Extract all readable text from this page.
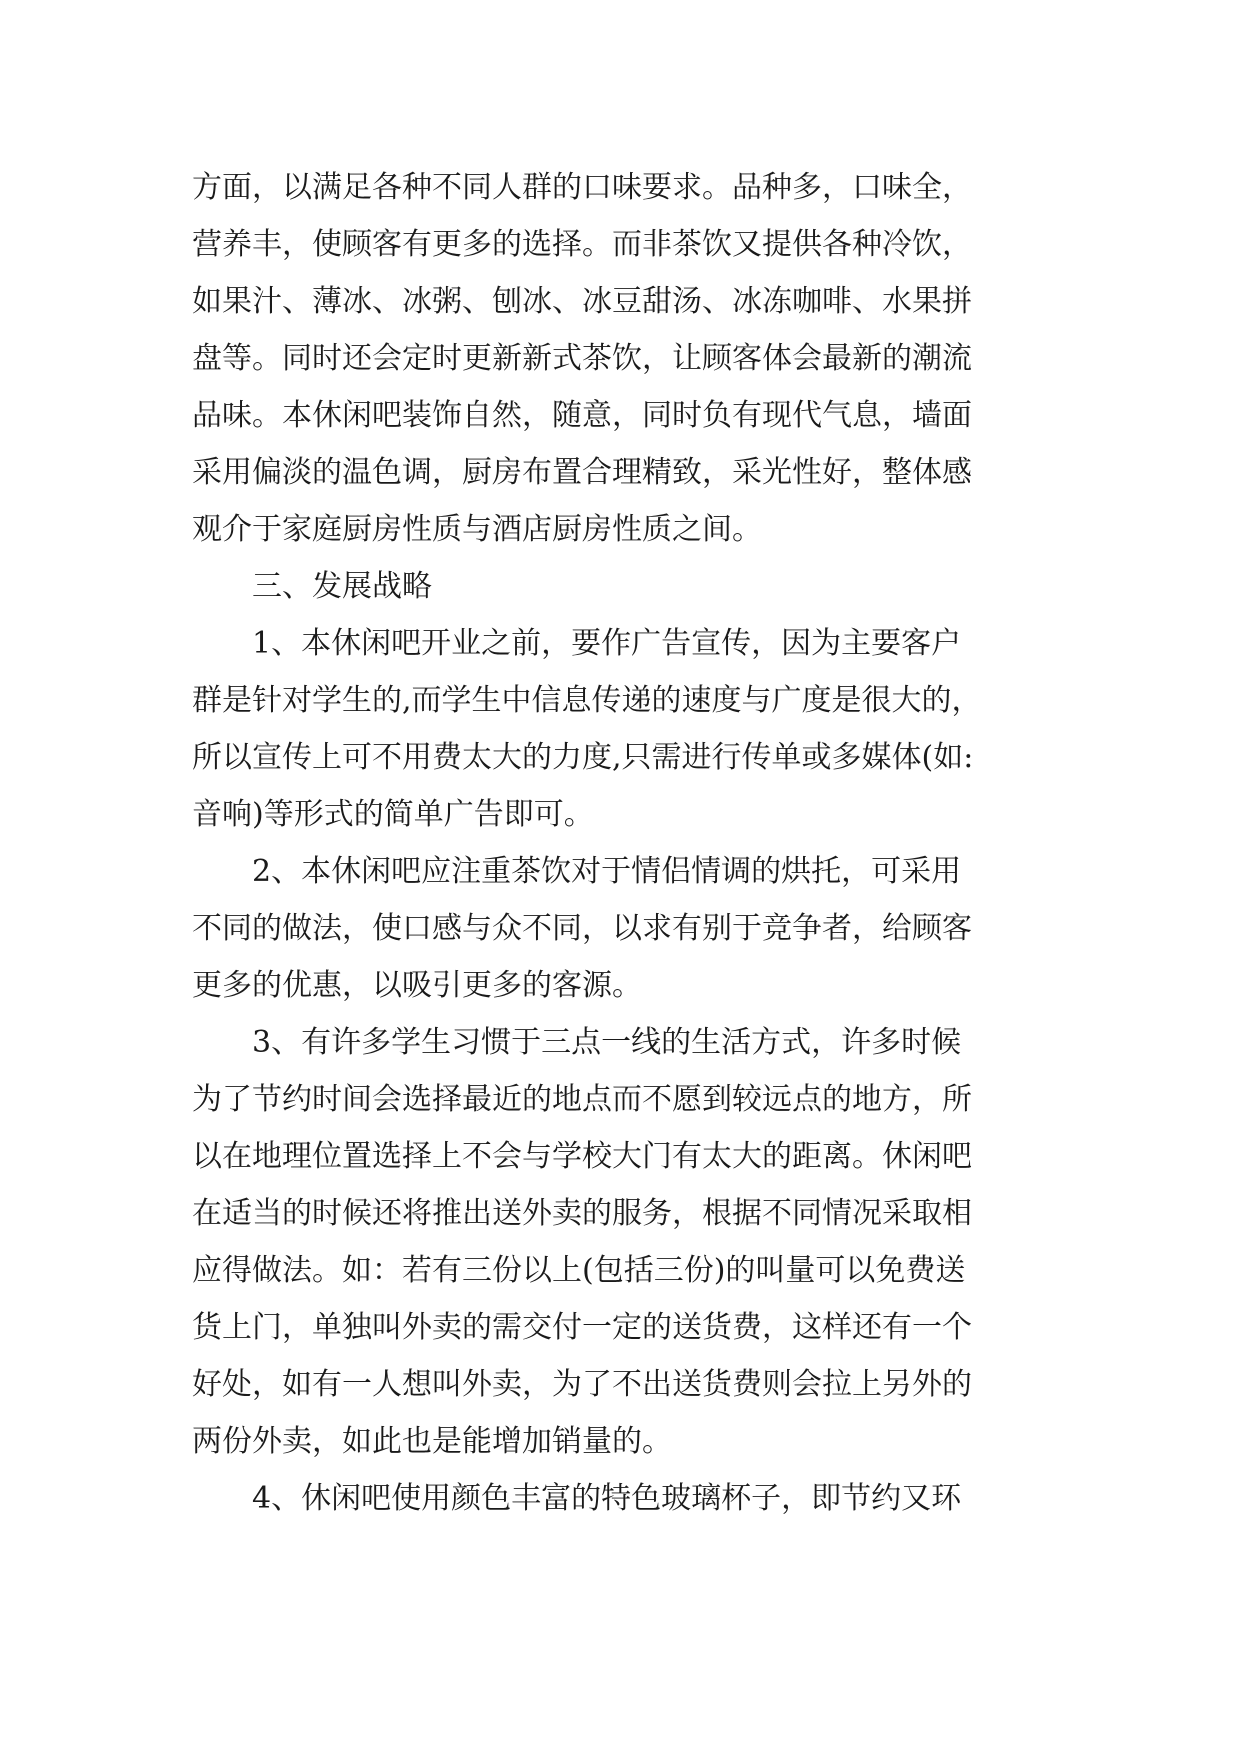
方面，以满足各种不同人群的口味要求。品种多，口味全，

营养丰，使顾客有更多的选择。而非茶饮又提供各种冷饮，

如果汁、薄冰、冰粥、刨冰、冰豆甜汤、冰冻咖啡、水果拼

盘等。同时还会定时更新新式茶饮，让顾客体会最新的潮流

品味。本休闲吧装饰自然，随意，同时负有现代气息，墙面

采用偏淡的温色调，厨房布置合理精致，采光性好，整体感

观介于家庭厨房性质与酒店厨房性质之间。

三、发展战略

1、本休闲吧开业之前，要作广告宣传，因为主要客户

群是针对学生的,而学生中信息传递的速度与广度是很大的，

所以宣传上可不用费太大的力度,只需进行传单或多媒体(如:

音响)等形式的简单广告即可。

2、本休闲吧应注重茶饮对于情侣情调的烘托，可采用

不同的做法，使口感与众不同，以求有别于竞争者，给顾客

更多的优惠，以吸引更多的客源。

3、有许多学生习惯于三点一线的生活方式，许多时候

为了节约时间会选择最近的地点而不愿到较远点的地方，所

以在地理位置选择上不会与学校大门有太大的距离。休闲吧

在适当的时候还将推出送外卖的服务，根据不同情况采取相

应得做法。如：若有三份以上(包括三份)的叫量可以免费送

货上门，单独叫外卖的需交付一定的送货费，这样还有一个

好处，如有一人想叫外卖，为了不出送货费则会拉上另外的

两份外卖，如此也是能增加销量的。

4、休闲吧使用颜色丰富的特色玻璃杯子，即节约又环
